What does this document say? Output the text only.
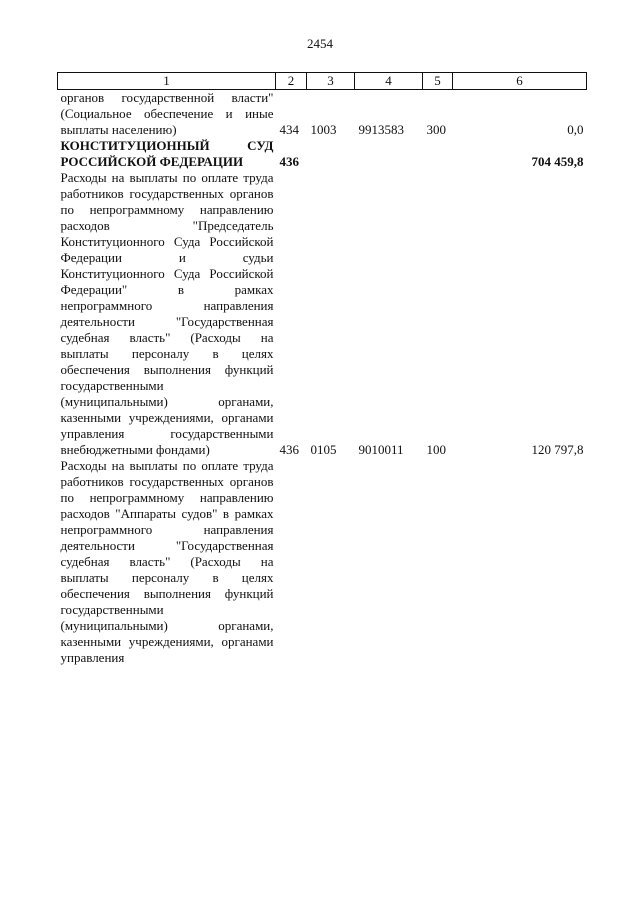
2454
1	2	3	4	5	6
органов государственной власти" (Социальное обеспечение и иные выплаты населению)	434	1003	9913583	300	0,0
КОНСТИТУЦИОННЫЙ СУД РОССИЙСКОЙ ФЕДЕРАЦИИ	436				704 459,8
Расходы на выплаты по оплате труда работников государственных органов по непрограммному направлению расходов "Председатель Конституционного Суда Российской Федерации и судьи Конституционного Суда Российской Федерации" в рамках непрограммного направления деятельности "Государственная судебная власть" (Расходы на выплаты персоналу в целях обеспечения выполнения функций государственными (муниципальными) органами, казенными учреждениями, органами управления государственными внебюджетными фондами)	436	0105	9010011	100	120 797,8
Расходы на выплаты по оплате труда работников государственных органов по непрограммному направлению расходов "Аппараты судов" в рамках непрограммного направления деятельности "Государственная судебная власть" (Расходы на выплаты персоналу в целях обеспечения выполнения функций государственными (муниципальными) органами, казенными учреждениями, органами управления					
